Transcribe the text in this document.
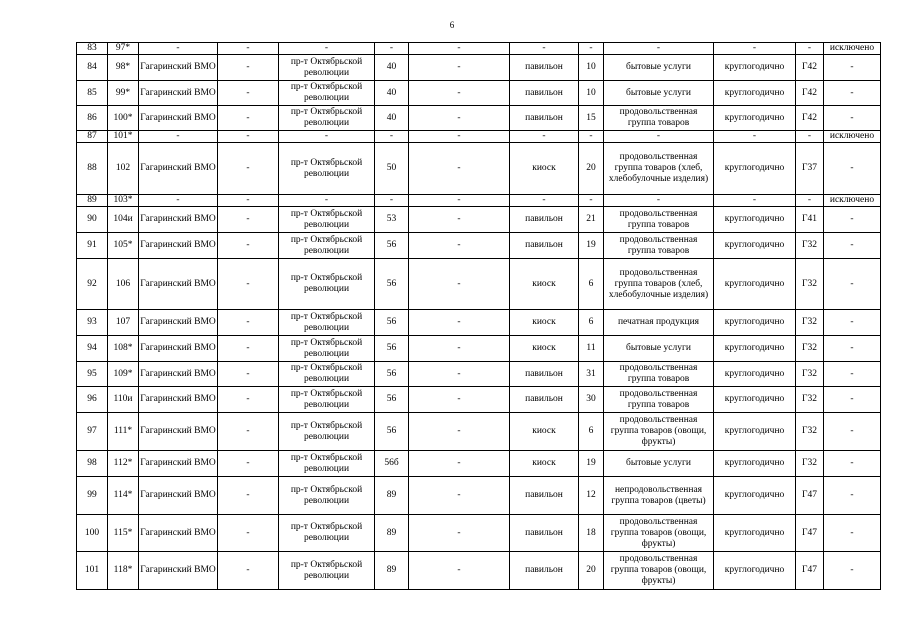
6
83	97*	-	-	-	-	-	-	-	-	-	-	исключено
84	98*	Гагаринский ВМО	-	пр-т Октябрьской революции	40	-	павильон	10	бытовые услуги	круглогодично	Г42	-
85	99*	Гагаринский ВМО	-	пр-т Октябрьской революции	40	-	павильон	10	бытовые услуги	круглогодично	Г42	-
86	100*	Гагаринский ВМО	-	пр-т Октябрьской революции	40	-	павильон	15	продовольственная группа товаров	круглогодично	Г42	-
87	101*	-	-	-	-	-	-	-	-	-	-	исключено
88	102	Гагаринский ВМО	-	пр-т Октябрьской революции	50	-	киоск	20	продовольственная группа товаров (хлеб, хлебобулочные изделия)	круглогодично	Г37	-
89	103*	-	-	-	-	-	-	-	-	-	-	исключено
90	104и	Гагаринский ВМО	-	пр-т Октябрьской революции	53	-	павильон	21	продовольственная группа товаров	круглогодично	Г41	-
91	105*	Гагаринский ВМО	-	пр-т Октябрьской революции	56	-	павильон	19	продовольственная группа товаров	круглогодично	Г32	-
92	106	Гагаринский ВМО	-	пр-т Октябрьской революции	56	-	киоск	6	продовольственная группа товаров (хлеб, хлебобулочные изделия)	круглогодично	Г32	-
93	107	Гагаринский ВМО	-	пр-т Октябрьской революции	56	-	киоск	6	печатная продукция	круглогодично	Г32	-
94	108*	Гагаринский ВМО	-	пр-т Октябрьской революции	56	-	киоск	11	бытовые услуги	круглогодично	Г32	-
95	109*	Гагаринский ВМО	-	пр-т Октябрьской революции	56	-	павильон	31	продовольственная группа товаров	круглогодично	Г32	-
96	110и	Гагаринский ВМО	-	пр-т Октябрьской революции	56	-	павильон	30	продовольственная группа товаров	круглогодично	Г32	-
97	111*	Гагаринский ВМО	-	пр-т Октябрьской революции	56	-	киоск	6	продовольственная группа товаров (овощи, фрукты)	круглогодично	Г32	-
98	112*	Гагаринский ВМО	-	пр-т Октябрьской революции	56б	-	киоск	19	бытовые услуги	круглогодично	Г32	-
99	114*	Гагаринский ВМО	-	пр-т Октябрьской революции	89	-	павильон	12	непродовольственная группа товаров (цветы)	круглогодично	Г47	-
100	115*	Гагаринский ВМО	-	пр-т Октябрьской революции	89	-	павильон	18	продовольственная группа товаров (овощи, фрукты)	круглогодично	Г47	-
101	118*	Гагаринский ВМО	-	пр-т Октябрьской революции	89	-	павильон	20	продовольственная группа товаров (овощи, фрукты)	круглогодично	Г47	-
